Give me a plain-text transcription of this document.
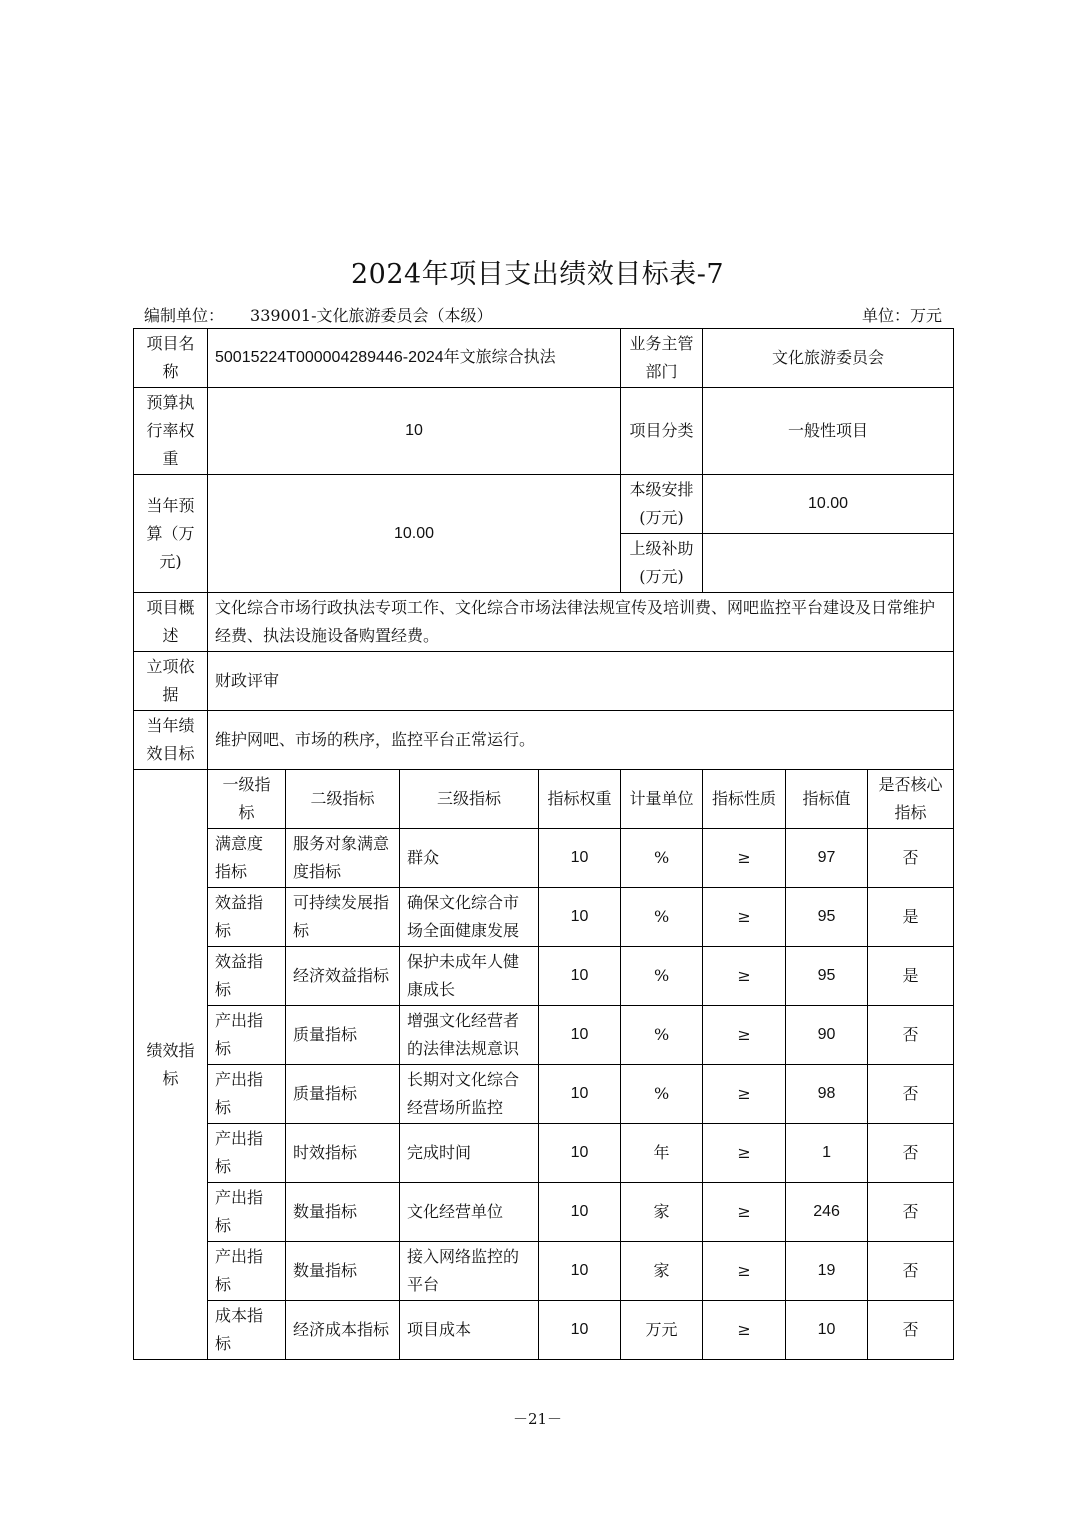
2024年项目支出绩效目标表-7
编制单位： 339001-文化旅游委员会（本级）	单位：万元
项目名称	50015224T000004289446-2024年文旅综合执法				业务主管部门	文化旅游委员会		
预算执行率权重	10				项目分类	一般性项目		
当年预算（万元)	10.00				本级安排(万元)	10.00		
					上级补助(万元)			
项目概述	文化综合市场行政执法专项工作、文化综合市场法律法规宣传及培训费、网吧监控平台建设及日常维护经费、执法设施设备购置经费。							
立项依据	财政评审							
当年绩效目标	维护网吧、市场的秩序，监控平台正常运行。							
绩效指标	一级指标	二级指标	三级指标	指标权重	计量单位	指标性质	指标值	是否核心指标
	满意度指标	服务对象满意度指标	群众	10	%	≥	97	否
	效益指标	可持续发展指标	确保文化综合市场全面健康发展	10	%	≥	95	是
	效益指标	经济效益指标	保护未成年人健康成长	10	%	≥	95	是
	产出指标	质量指标	增强文化经营者的法律法规意识	10	%	≥	90	否
	产出指标	质量指标	长期对文化综合经营场所监控	10	%	≥	98	否
	产出指标	时效指标	完成时间	10	年	≥	1	否
	产出指标	数量指标	文化经营单位	10	家	≥	246	否
	产出指标	数量指标	接入网络监控的平台	10	家	≥	19	否
	成本指标	经济成本指标	项目成本	10	万元	≥	10	否
－21－
